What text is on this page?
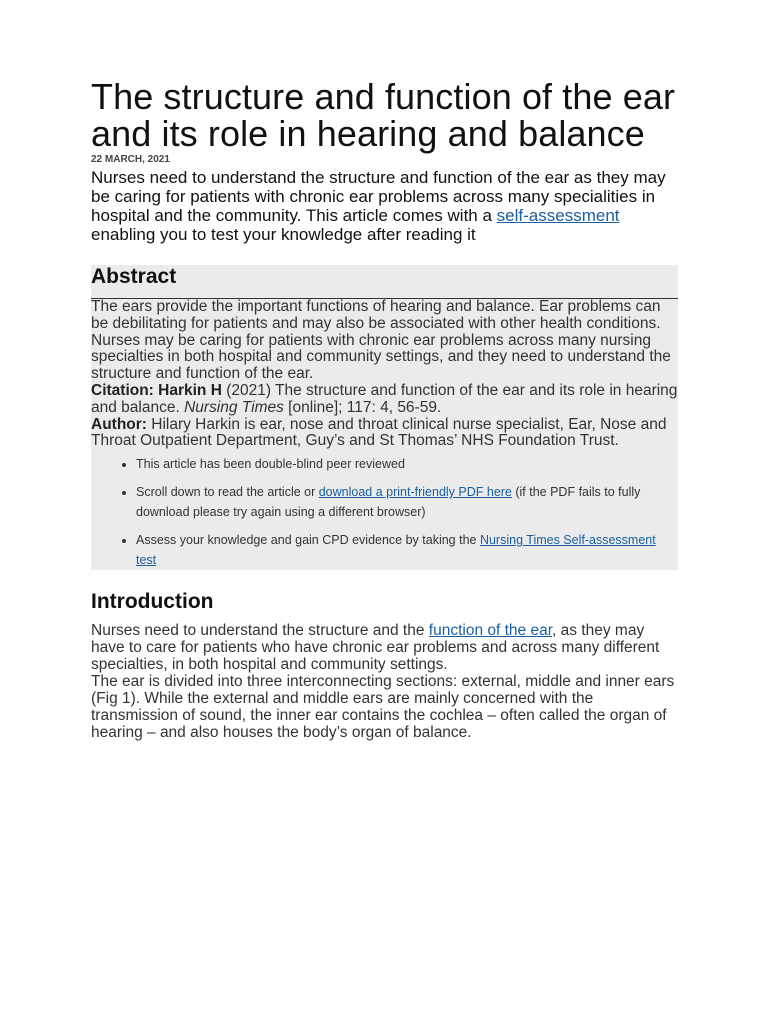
The structure and function of the ear and its role in hearing and balance
22 MARCH, 2021
Nurses need to understand the structure and function of the ear as they may be caring for patients with chronic ear problems across many specialities in hospital and the community. This article comes with a self-assessment enabling you to test your knowledge after reading it
Abstract

The ears provide the important functions of hearing and balance. Ear problems can be debilitating for patients and may also be associated with other health conditions. Nurses may be caring for patients with chronic ear problems across many nursing specialties in both hospital and community settings, and they need to understand the structure and function of the ear.

Citation: Harkin H (2021) The structure and function of the ear and its role in hearing and balance. Nursing Times [online]; 117: 4, 56-59.

Author: Hilary Harkin is ear, nose and throat clinical nurse specialist, Ear, Nose and Throat Outpatient Department, Guy’s and St Thomas’ NHS Foundation Trust.

• This article has been double-blind peer reviewed
• Scroll down to read the article or download a print-friendly PDF here (if the PDF fails to fully download please try again using a different browser)
• Assess your knowledge and gain CPD evidence by taking the Nursing Times Self-assessment test
Introduction

Nurses need to understand the structure and the function of the ear, as they may have to care for patients who have chronic ear problems and across many different specialties, in both hospital and community settings.

The ear is divided into three interconnecting sections: external, middle and inner ears (Fig 1). While the external and middle ears are mainly concerned with the transmission of sound, the inner ear contains the cochlea – often called the organ of hearing – and also houses the body’s organ of balance.
